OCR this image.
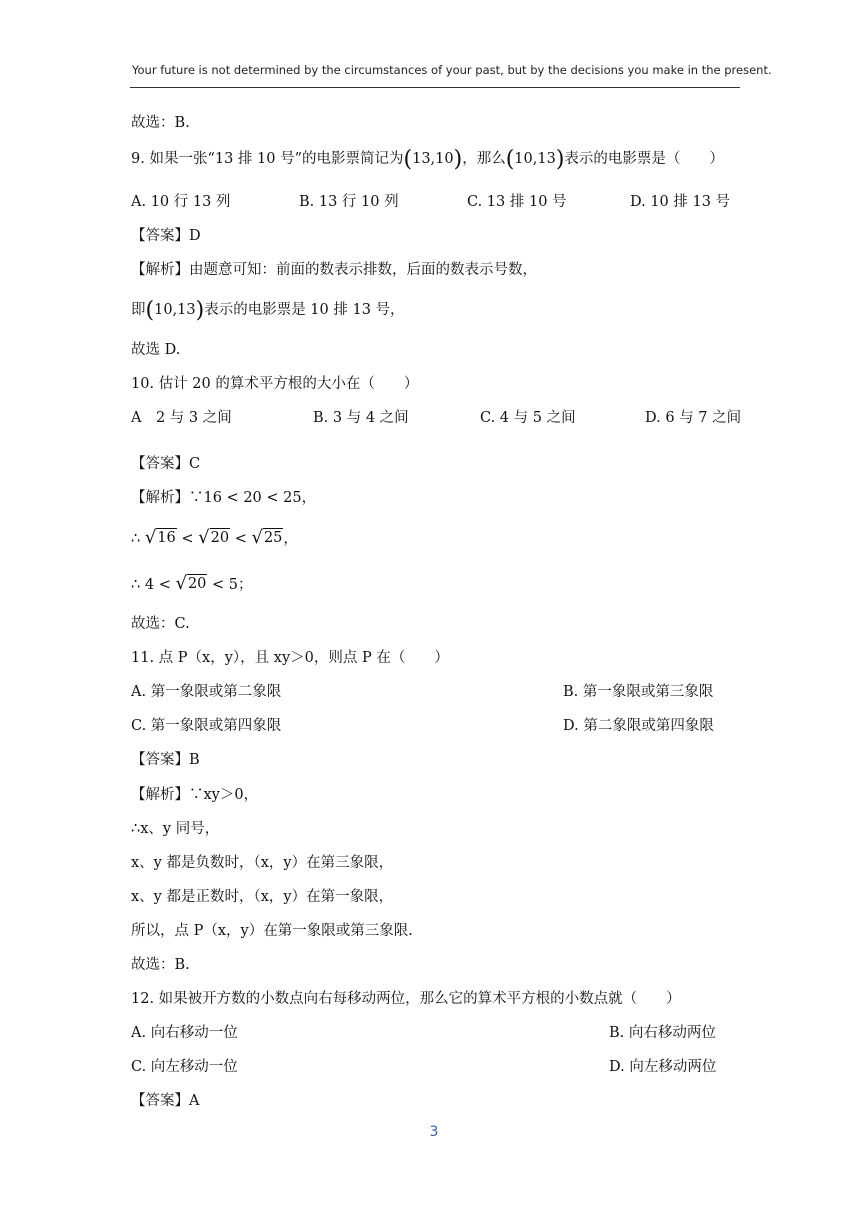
Your future is not determined by the circumstances of your past, but by the decisions you make in the present.
故选：B.
9. 如果一张“13 排 10 号”的电影票简记为(13,10)，那么(10,13)表示的电影票是（　　）
A. 10 行 13 列	B. 13 行 10 列	C. 13 排 10 号	D. 10 排 13 号
【答案】D
【解析】由题意可知：前面的数表示排数，后面的数表示号数，
即(10,13)表示的电影票是 10 排 13 号，
故选 D.
10. 估计 20 的算术平方根的大小在（　　）
A　2 与 3 之间	B. 3 与 4 之间	C. 4 与 5 之间	D. 6 与 7 之间
【答案】C
【解析】∵16 < 20 < 25，
∴ √ 16 < √ 20 < √ 25 ，
∴ 4 < √ 20 < 5；
故选：C.
11. 点 P（x，y），且 xy＞0，则点 P 在（　　）
A. 第一象限或第二象限	B. 第一象限或第三象限
C. 第一象限或第四象限	D. 第二象限或第四象限
【答案】B
【解析】∵xy＞0，
∴x、y 同号，
x、y 都是负数时，（x，y）在第三象限，
x、y 都是正数时，（x，y）在第一象限，
所以，点 P（x，y）在第一象限或第三象限.
故选：B.
12. 如果被开方数的小数点向右每移动两位，那么它的算术平方根的小数点就（　　）
A. 向右移动一位	B. 向右移动两位
C. 向左移动一位	D. 向左移动两位
【答案】A
3
